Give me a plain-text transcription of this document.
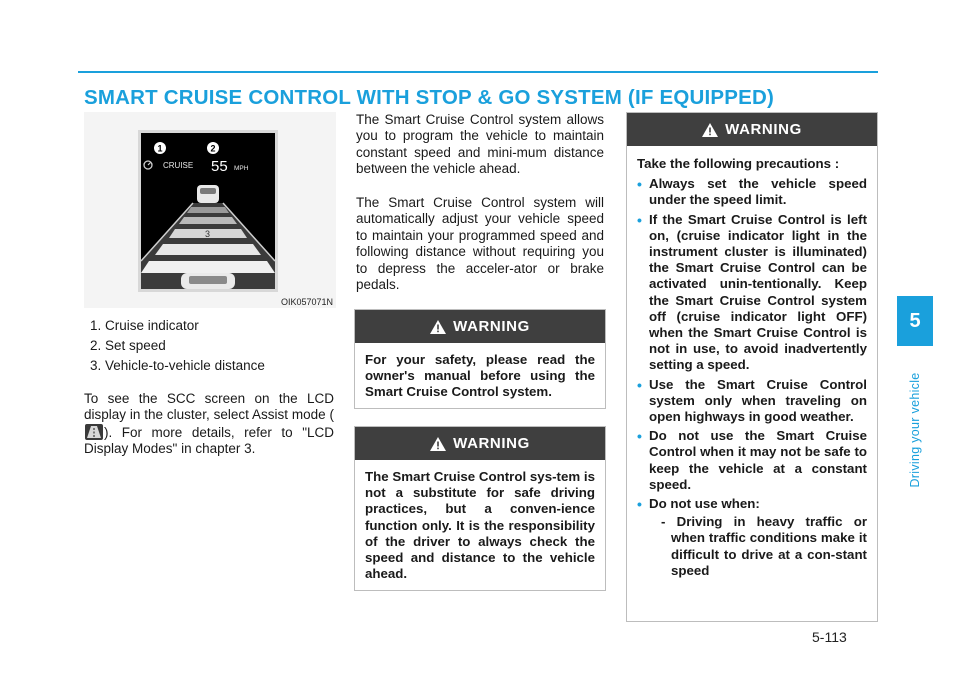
SMART CRUISE CONTROL WITH STOP & GO SYSTEM (IF EQUIPPED)
CRUISE 55 MPH
1	2
3
OIK057071N
1. Cruise indicator
2. Set speed
3. Vehicle-to-vehicle distance

To see the SCC screen on the LCD display in the cluster, select Assist mode (
). For more details, refer to "LCD Display Modes" in chapter 3.

The Smart Cruise Control system allows you to program the vehicle to maintain constant speed and mini-mum distance between the vehicle ahead.

The Smart Cruise Control system will automatically adjust your vehicle speed to maintain your programmed speed and following distance without requiring you to depress the acceler-ator or brake pedals.

WARNING

For your safety, please read the owner's manual before using the Smart Cruise Control system.

WARNING

The Smart Cruise Control sys-tem is not a substitute for safe driving practices, but a conven-ience function only. It is the responsibility of the driver to always check the speed and distance to the vehicle ahead.

WARNING

Take the following precautions :

• Always set the vehicle speed under the speed limit.
• If the Smart Cruise Control is left on, (cruise indicator light in the instrument cluster is illuminated) the Smart Cruise Control can be activated unin-tentionally. Keep the Smart Cruise Control system off (cruise indicator light OFF) when the Smart Cruise Control is not in use, to avoid inadvertently setting a speed.
• Use the Smart Cruise Control system only when traveling on open highways in good weather.
• Do not use the Smart Cruise Control when it may not be safe to keep the vehicle at a constant speed.
• Do not use when:
- Driving in heavy traffic or when traffic conditions make it difficult to drive at a con-stant speed
5
Driving your vehicle
5-113
